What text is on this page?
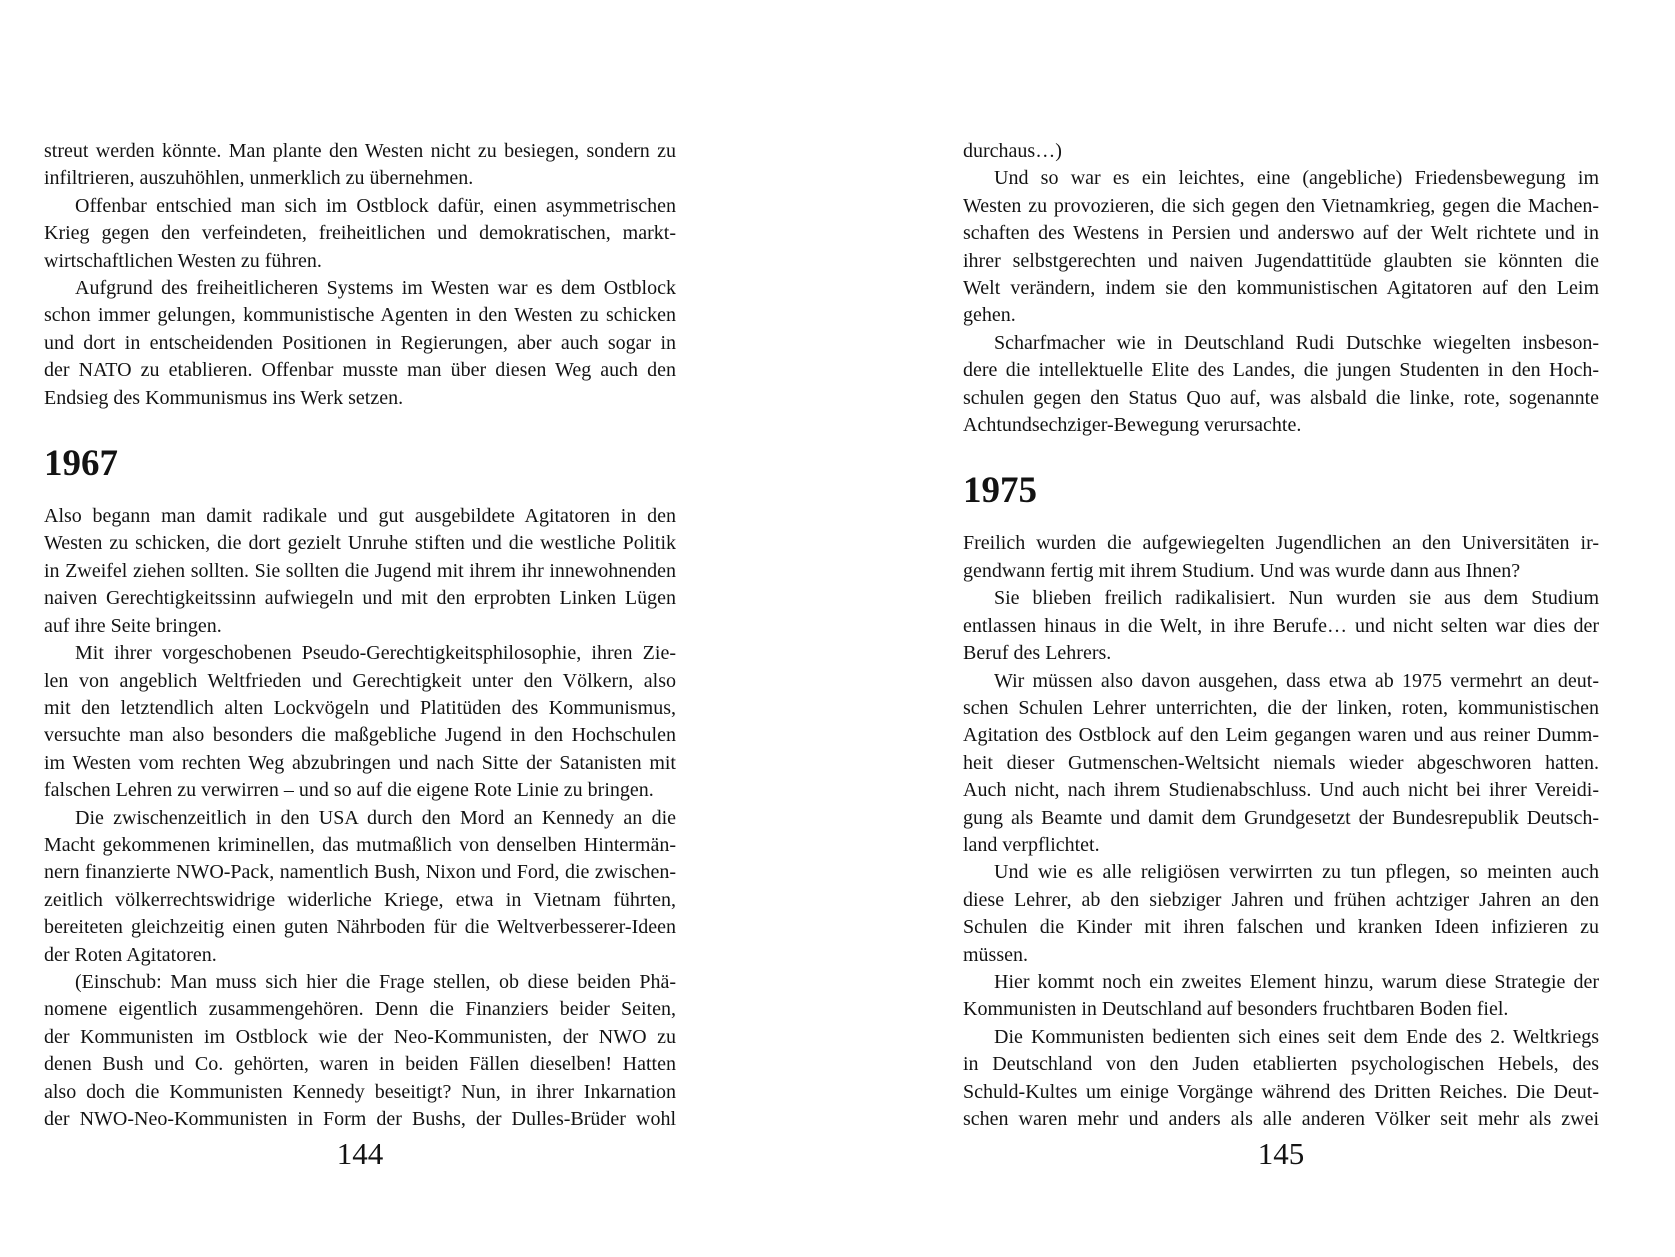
streut werden könnte. Man plante den Westen nicht zu besiegen, sondern zu
infiltrieren, auszuhöhlen, unmerklich zu übernehmen.
Offenbar entschied man sich im Ostblock dafür, einen asymmetrischen
Krieg gegen den verfeindeten, freiheitlichen und demokratischen, markt-
wirtschaftlichen Westen zu führen.
Aufgrund des freiheitlicheren Systems im Westen war es dem Ostblock
schon immer gelungen, kommunistische Agenten in den Westen zu schicken
und dort in entscheidenden Positionen in Regierungen, aber auch sogar in
der NATO zu etablieren. Offenbar musste man über diesen Weg auch den
Endsieg des Kommunismus ins Werk setzen.
1967
Also begann man damit radikale und gut ausgebildete Agitatoren in den
Westen zu schicken, die dort gezielt Unruhe stiften und die westliche Politik
in Zweifel ziehen sollten. Sie sollten die Jugend mit ihrem ihr innewohnenden
naiven Gerechtigkeitssinn aufwiegeln und mit den erprobten Linken Lügen
auf ihre Seite bringen.
Mit ihrer vorgeschobenen Pseudo-Gerechtigkeitsphilosophie, ihren Zie-
len von angeblich Weltfrieden und Gerechtigkeit unter den Völkern, also
mit den letztendlich alten Lockvögeln und Platitüden des Kommunismus,
versuchte man also besonders die maßgebliche Jugend in den Hochschulen
im Westen vom rechten Weg abzubringen und nach Sitte der Satanisten mit
falschen Lehren zu verwirren – und so auf die eigene Rote Linie zu bringen.
Die zwischenzeitlich in den USA durch den Mord an Kennedy an die
Macht gekommenen kriminellen, das mutmaßlich von denselben Hintermän-
nern finanzierte NWO-Pack, namentlich Bush, Nixon und Ford, die zwischen-
zeitlich völkerrechtswidrige widerliche Kriege, etwa in Vietnam führten,
bereiteten gleichzeitig einen guten Nährboden für die Weltverbesserer-Ideen
der Roten Agitatoren.
(Einschub: Man muss sich hier die Frage stellen, ob diese beiden Phä-
nomene eigentlich zusammengehören. Denn die Finanziers beider Seiten,
der Kommunisten im Ostblock wie der Neo-Kommunisten, der NWO zu
denen Bush und Co. gehörten, waren in beiden Fällen dieselben! Hatten
also doch die Kommunisten Kennedy beseitigt? Nun, in ihrer Inkarnation
der NWO-Neo-Kommunisten in Form der Bushs, der Dulles-Brüder wohl
144
durchaus…)
Und so war es ein leichtes, eine (angebliche) Friedensbewegung im
Westen zu provozieren, die sich gegen den Vietnamkrieg, gegen die Machen-
schaften des Westens in Persien und anderswo auf der Welt richtete und in
ihrer selbstgerechten und naiven Jugendattitüde glaubten sie könnten die
Welt verändern, indem sie den kommunistischen Agitatoren auf den Leim
gehen.
Scharfmacher wie in Deutschland Rudi Dutschke wiegelten insbeson-
dere die intellektuelle Elite des Landes, die jungen Studenten in den Hoch-
schulen gegen den Status Quo auf, was alsbald die linke, rote, sogenannte
Achtundsechziger-Bewegung verursachte.
1975
Freilich wurden die aufgewiegelten Jugendlichen an den Universitäten ir-
gendwann fertig mit ihrem Studium. Und was wurde dann aus Ihnen?
Sie blieben freilich radikalisiert. Nun wurden sie aus dem Studium
entlassen hinaus in die Welt, in ihre Berufe… und nicht selten war dies der
Beruf des Lehrers.
Wir müssen also davon ausgehen, dass etwa ab 1975 vermehrt an deut-
schen Schulen Lehrer unterrichten, die der linken, roten, kommunistischen
Agitation des Ostblock auf den Leim gegangen waren und aus reiner Dumm-
heit dieser Gutmenschen-Weltsicht niemals wieder abgeschworen hatten.
Auch nicht, nach ihrem Studienabschluss. Und auch nicht bei ihrer Vereidi-
gung als Beamte und damit dem Grundgesetzt der Bundesrepublik Deutsch-
land verpflichtet.
Und wie es alle religiösen verwirrten zu tun pflegen, so meinten auch
diese Lehrer, ab den siebziger Jahren und frühen achtziger Jahren an den
Schulen die Kinder mit ihren falschen und kranken Ideen infizieren zu
müssen.
Hier kommt noch ein zweites Element hinzu, warum diese Strategie der
Kommunisten in Deutschland auf besonders fruchtbaren Boden fiel.
Die Kommunisten bedienten sich eines seit dem Ende des 2. Weltkriegs
in Deutschland von den Juden etablierten psychologischen Hebels, des
Schuld-Kultes um einige Vorgänge während des Dritten Reiches. Die Deut-
schen waren mehr und anders als alle anderen Völker seit mehr als zwei
145
